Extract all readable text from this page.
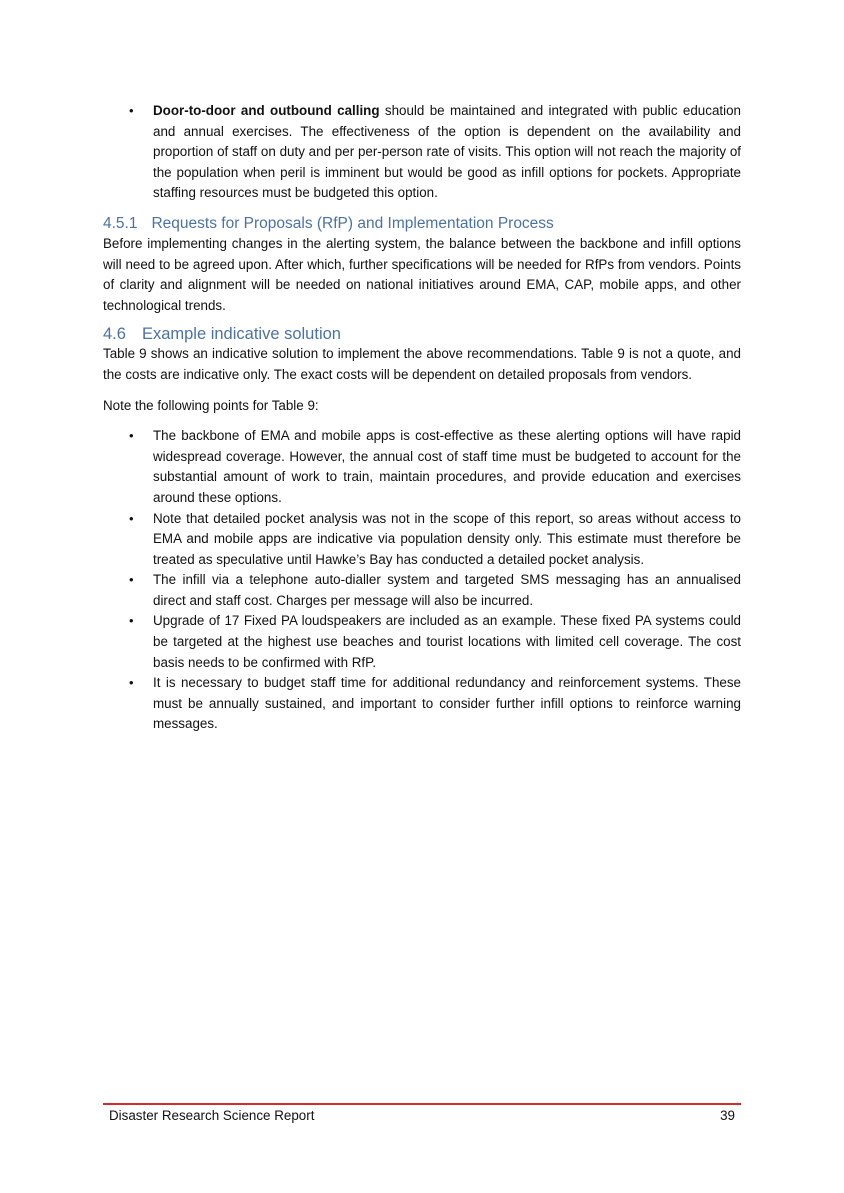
• Door-to-door and outbound calling should be maintained and integrated with public education and annual exercises. The effectiveness of the option is dependent on the availability and proportion of staff on duty and per per-person rate of visits. This option will not reach the majority of the population when peril is imminent but would be good as infill options for pockets. Appropriate staffing resources must be budgeted this option.
4.5.1 Requests for Proposals (RfP) and Implementation Process

Before implementing changes in the alerting system, the balance between the backbone and infill options will need to be agreed upon. After which, further specifications will be needed for RfPs from vendors. Points of clarity and alignment will be needed on national initiatives around EMA, CAP, mobile apps, and other technological trends.

4.6 Example indicative solution

Table 9 shows an indicative solution to implement the above recommendations. Table 9 is not a quote, and the costs are indicative only. The exact costs will be dependent on detailed proposals from vendors.

Note the following points for Table 9:

• The backbone of EMA and mobile apps is cost-effective as these alerting options will have rapid widespread coverage. However, the annual cost of staff time must be budgeted to account for the substantial amount of work to train, maintain procedures, and provide education and exercises around these options.
• Note that detailed pocket analysis was not in the scope of this report, so areas without access to EMA and mobile apps are indicative via population density only. This estimate must therefore be treated as speculative until Hawke’s Bay has conducted a detailed pocket analysis.
• The infill via a telephone auto-dialler system and targeted SMS messaging has an annualised direct and staff cost. Charges per message will also be incurred.
• Upgrade of 17 Fixed PA loudspeakers are included as an example. These fixed PA systems could be targeted at the highest use beaches and tourist locations with limited cell coverage. The cost basis needs to be confirmed with RfP.
• It is necessary to budget staff time for additional redundancy and reinforcement systems. These must be annually sustained, and important to consider further infill options to reinforce warning messages.
Disaster Research Science Report	39
